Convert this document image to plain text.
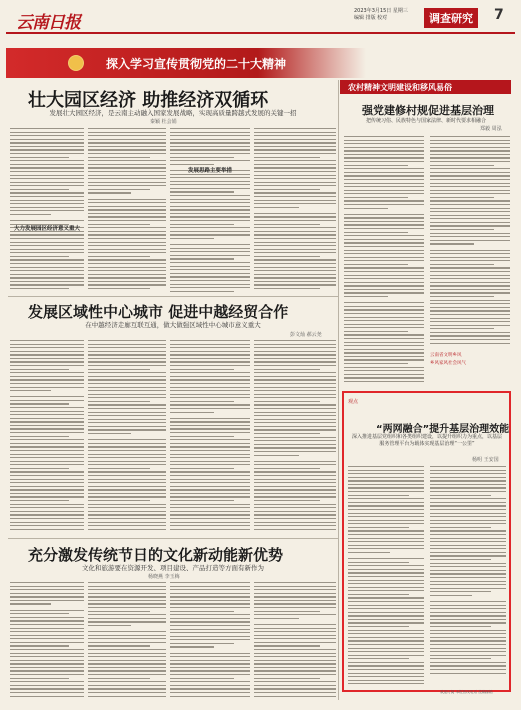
云南日报
2023年3月15日 星期三
编辑 排版 校对	调查研究	7
探入学习宣传贯彻党的二十大精神
壮大园区经济 助推经济双循环
发展壮大园区经济，是云南主动融入国家发展战略，实现高质量跨越式发展的关键一招
秦颖 杜会娟
大力发展园区经济意义重大
发展思路主要举措
发展区域性中心城市 促进中越经贸合作
在中越经济走廊互联互通，做大做强区域性中心城市意义重大
彭文灿 郝云尧
充分激发传统节日的文化新动能新优势
文化和旅游要在资源开发、项目建设、产品打造等方面有新作为
杨晓燕 李玉梅
农村精神文明建设和移风易俗
强党建修村规促进基层治理
把传统习俗、民族特色与国家法律、新时代要求相融合
郑毅 周泓
云南省文明乡风
乡风家风社会风气
观点
“两网融合”提升基层治理效能
深入推进基层党组织和各类组织建设，以提升组织力为重点，以基层服务管理平台为载体实现基层治理“一公里”
杨明 王安国
欢迎订阅 本报热线电话 投稿邮箱
